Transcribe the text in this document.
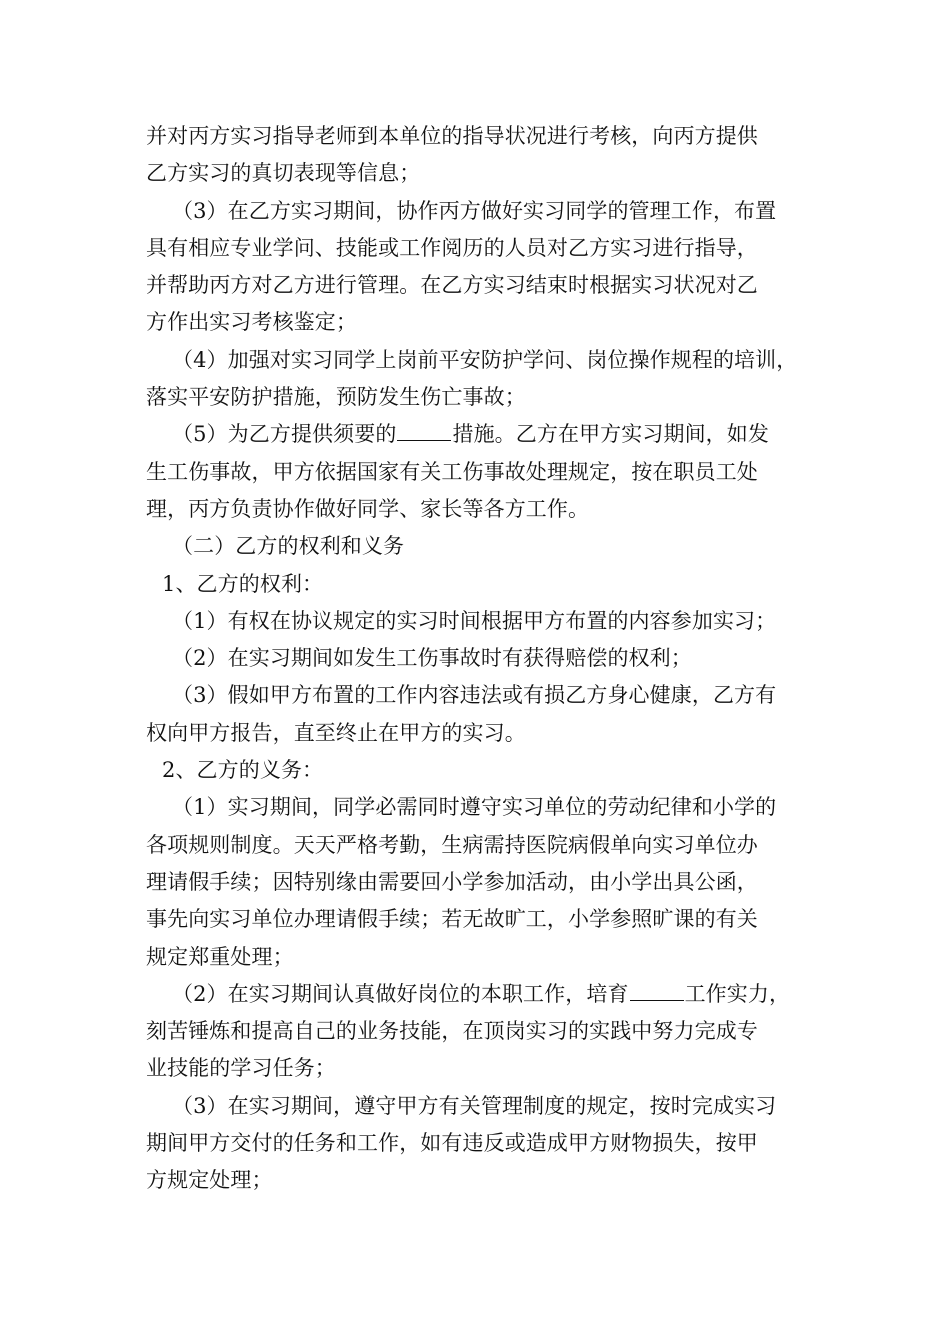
并对丙方实习指导老师到本单位的指导状况进行考核，向丙方提供
乙方实习的真切表现等信息；
（3）在乙方实习期间，协作丙方做好实习同学的管理工作，布置
具有相应专业学问、技能或工作阅历的人员对乙方实习进行指导，
并帮助丙方对乙方进行管理。在乙方实习结束时根据实习状况对乙
方作出实习考核鉴定；
（4）加强对实习同学上岗前平安防护学问、岗位操作规程的培训，
落实平安防护措施，预防发生伤亡事故；
（5）为乙方提供须要的	措施。乙方在甲方实习期间，如发
生工伤事故，甲方依据国家有关工伤事故处理规定，按在职员工处
理，丙方负责协作做好同学、家长等各方工作。
（二）乙方的权利和义务
1、乙方的权利：
（1）有权在协议规定的实习时间根据甲方布置的内容参加实习；
（2）在实习期间如发生工伤事故时有获得赔偿的权利；
（3）假如甲方布置的工作内容违法或有损乙方身心健康，乙方有
权向甲方报告，直至终止在甲方的实习。
2、乙方的义务：
（1）实习期间，同学必需同时遵守实习单位的劳动纪律和小学的
各项规则制度。天天严格考勤，生病需持医院病假单向实习单位办
理请假手续；因特别缘由需要回小学参加活动，由小学出具公函，
事先向实习单位办理请假手续；若无故旷工，小学参照旷课的有关
规定郑重处理；
（2）在实习期间认真做好岗位的本职工作，培育	工作实力，
刻苦锤炼和提高自己的业务技能，在顶岗实习的实践中努力完成专
业技能的学习任务；
（3）在实习期间，遵守甲方有关管理制度的规定，按时完成实习
期间甲方交付的任务和工作，如有违反或造成甲方财物损失，按甲
方规定处理；
